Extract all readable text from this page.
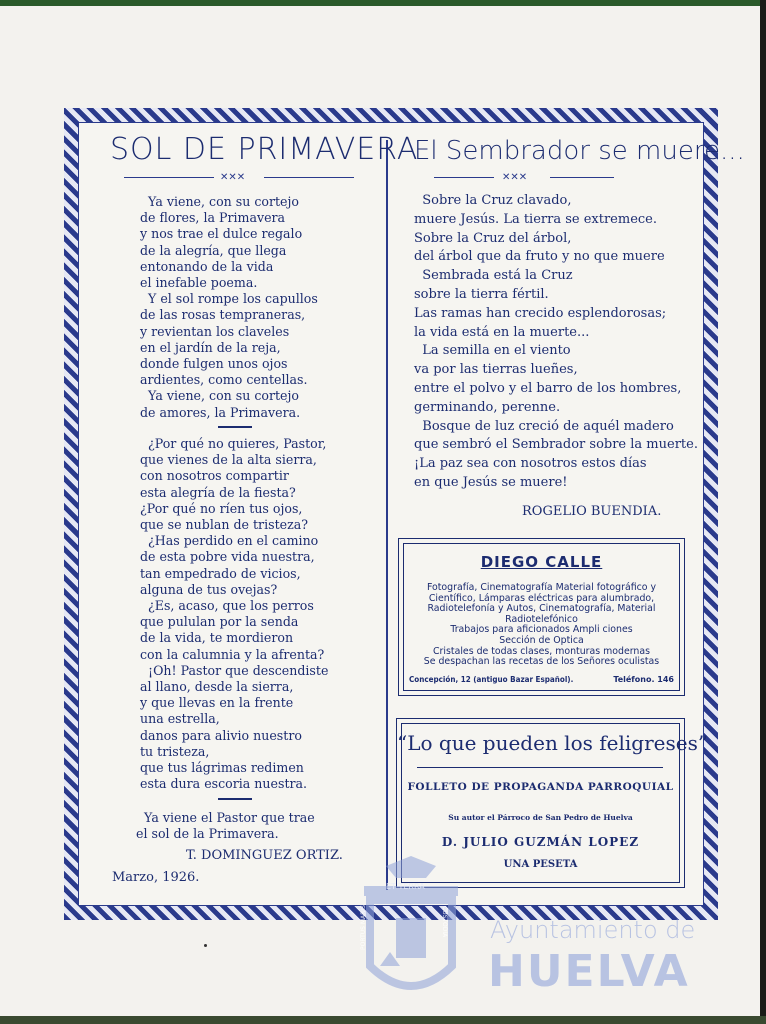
SOL DE PRIMAVERA
✕✕✕
Ya viene, con su cortejo
de flores, la Primavera
y nos trae el dulce regalo
de la alegría, que llega
entonando de la vida
el inefable poema.
Y el sol rompe los capullos
de las rosas tempraneras,
y revientan los claveles
en el jardín de la reja,
donde fulgen unos ojos
ardientes, como centellas.
Ya viene, con su cortejo
de amores, la Primavera.
¿Por qué no quieres, Pastor,
que vienes de la alta sierra,
con nosotros compartir
esta alegría de la fiesta?
¿Por qué no ríen tus ojos,
que se nublan de tristeza?
¿Has perdido en el camino
de esta pobre vida nuestra,
tan empedrado de vicios,
alguna de tus ovejas?
¿Es, acaso, que los perros
que pululan por la senda
de la vida, te mordieron
con la calumnia y la afrenta?
¡Oh! Pastor que descendiste
al llano, desde la sierra,
y que llevas en la frente
una estrella,
danos para alivio nuestro
tu tristeza,
que tus lágrimas redimen
esta dura escoria nuestra.
Ya viene el Pastor que trae
el sol de la Primavera.
T. DOMINGUEZ ORTIZ.
Marzo, 1926.
El Sembrador se muere...
✕✕✕
Sobre la Cruz clavado,
muere Jesús. La tierra se extremece.
Sobre la Cruz del árbol,
del árbol que da fruto y no que muere
Sembrada está la Cruz
sobre la tierra fértil.
Las ramas han crecido esplendorosas;
la vida está en la muerte...
La semilla en el viento
va por las tierras lueñes,
entre el polvo y el barro de los hombres,
germinando, perenne.
Bosque de luz creció de aquél madero
que sembró el Sembrador sobre la muerte.
¡La paz sea con nosotros estos días
en que Jesús se muere!
ROGELIO BUENDIA.
DIEGO CALLE
Fotografía, Cinematografía Material fotográfico y
Científico, Lámparas eléctricas para alumbrado,
Radiotelefonía y Autos, Cinematografía, Material
Radiotelefónico
Trabajos para aficionados Ampli ciones
Sección de Optica
Cristales de todas clases, monturas modernas
Se despachan las recetas de los Señores oculistas
Concepción, 12 (antiguo Bazar Español).	Teléfono. 146
“Lo que pueden los feligreses”
FOLLETO DE PROPAGANDA PARROQUIAL
Su autor el Párroco de San Pedro de Huelva
D. JULIO GUZMÁN LOPEZ
UNA PESETA
ET TERRA
PORTUS MARIS	CUSTODIA Ayuntamiento de
HUELVA
